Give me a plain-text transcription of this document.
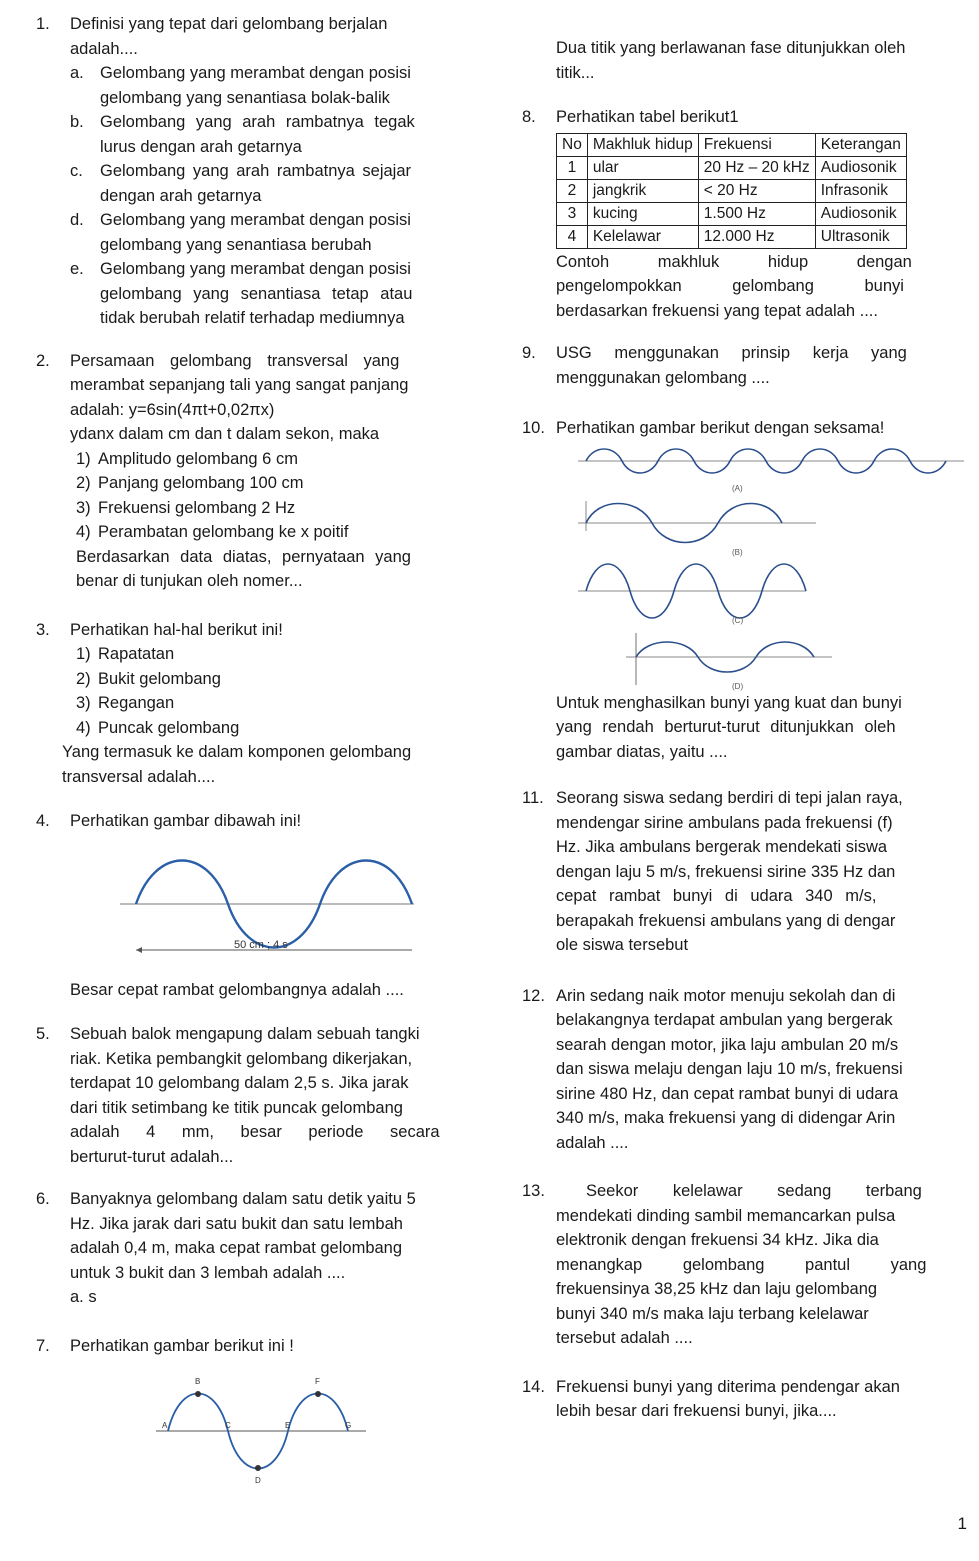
1. Definisi yang tepat dari gelombang berjalan
adalah....
a. Gelombang yang merambat dengan posisi
gelombang yang senantiasa bolak-balik
b. Gelombang yang arah rambatnya tegak
lurus dengan arah getarnya
c.	Gelombang yang arah rambatnya sejajar
dengan arah getarnya
d. Gelombang yang merambat dengan posisi
gelombang yang senantiasa berubah
e. Gelombang yang merambat dengan posisi
gelombang yang senantiasa tetap atau
tidak berubah relatif terhadap mediumnya
2. Persamaan gelombang transversal yang
merambat sepanjang tali yang sangat panjang
adalah: y=6sin(4πt+0,02πx)
ydanx dalam cm dan t dalam sekon, maka
1) Amplitudo gelombang 6 cm
2) Panjang gelombang 100 cm
3) Frekuensi gelombang 2 Hz
4) Perambatan gelombang ke x poitif
Berdasarkan data diatas, pernyataan yang
benar di tunjukan oleh nomer...
3. Perhatikan hal-hal berikut ini!
1) Rapatatan
2) Bukit gelombang
3) Regangan
4) Puncak gelombang
Yang termasuk ke dalam komponen gelombang
transversal adalah....
4. Perhatikan gambar dibawah ini!
50 cm ; 4 s
Besar cepat rambat gelombangnya adalah ....
5. Sebuah balok mengapung dalam sebuah tangki
riak. Ketika pembangkit gelombang dikerjakan,
terdapat 10 gelombang dalam 2,5 s. Jika jarak
dari titik setimbang ke titik puncak gelombang
adalah 4 mm, besar periode secara
berturut-turut adalah...
6. Banyaknya gelombang dalam satu detik yaitu 5
Hz. Jika jarak dari satu bukit dan satu lembah
adalah 0,4 m, maka cepat rambat gelombang
untuk 3 bukit dan 3 lembah adalah ....
a. s
7. Perhatikan gambar berikut ini !
A
B
C
D
E
F
G
Dua titik yang berlawanan fase ditunjukkan oleh
titik...
8. Perhatikan tabel berikut1
No	Makhluk hidup	Frekuensi	Keterangan
1	ular	20 Hz – 20 kHz	Audiosonik
2	jangkrik	< 20 Hz	Infrasonik
3	kucing	1.500 Hz	Audiosonik
4	Kelelawar	12.000 Hz	Ultrasonik
Contoh makhluk hidup dengan
pengelompokkan gelombang bunyi
berdasarkan frekuensi yang tepat adalah ....
9. USG menggunakan prinsip kerja yang
menggunakan gelombang ....
10. Perhatikan gambar berikut dengan seksama!
(A)
(B)
(C)
(D)
Untuk menghasilkan bunyi yang kuat dan bunyi
yang rendah berturut-turut ditunjukkan oleh
gambar diatas, yaitu ....
11. Seorang siswa sedang berdiri di tepi jalan raya,
mendengar sirine ambulans pada frekuensi (f)
Hz. Jika ambulans bergerak mendekati siswa
dengan laju 5 m/s, frekuensi sirine 335 Hz dan
cepat rambat bunyi di udara 340 m/s,
berapakah frekuensi ambulans yang di dengar
ole siswa tersebut
12. Arin sedang naik motor menuju sekolah dan di
belakangnya terdapat ambulan yang bergerak
searah dengan motor, jika laju ambulan 20 m/s
dan siswa melaju dengan laju 10 m/s, frekuensi
sirine 480 Hz, dan cepat rambat bunyi di udara
340 m/s, maka frekuensi yang di didengar Arin
adalah ....
13. Seekor kelelawar sedang terbang
mendekati dinding sambil memancarkan pulsa
elektronik dengan frekuensi 34 kHz. Jika dia
menangkap gelombang pantul yang
frekuensinya 38,25 kHz dan laju gelombang
bunyi 340 m/s maka laju terbang kelelawar
tersebut adalah ....
14. Frekuensi bunyi yang diterima pendengar akan
lebih besar dari frekuensi bunyi, jika....
1
